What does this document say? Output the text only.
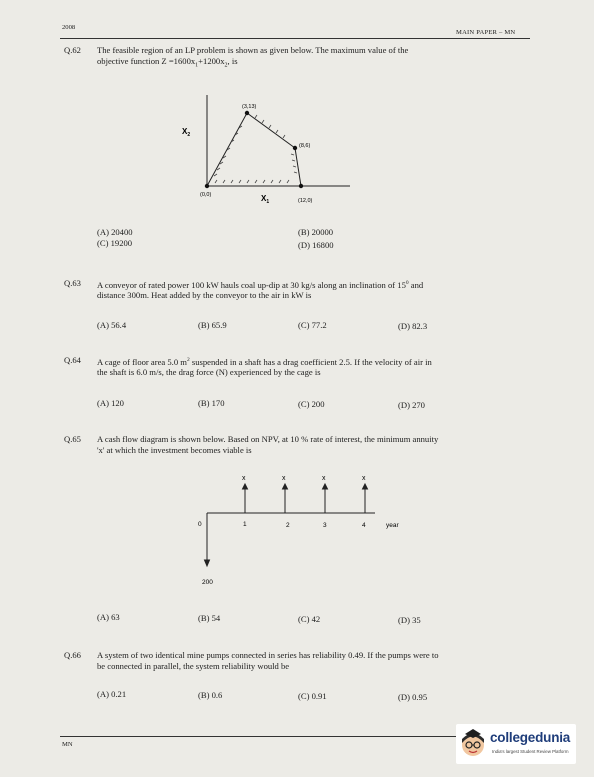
2008
MAIN PAPER – MN
Q.62 The feasible region of an LP problem is shown as given below. The maximum value of the
objective function $Z =1600x_1+1200x_2$, is
(3,13)
(8,6)
(0,0)
(12,0)
$X_2$
$X_1$
(A) 20400	(B) 20000
(C) 19200	(D) 16800
Q.63 A conveyor of rated power 100 kW hauls coal up-dip at 30 kg/s along an inclination of $15^0$ and
distance 300m. Heat added by the conveyor to the air in kW is
(A) 56.4	(B) 65.9	(C) 77.2	(D) 82.3
Q.64 A cage of floor area 5.0 $m^2$ suspended in a shaft has a drag coefficient 2.5. If the velocity of air in
the shaft is 6.0 m/s, the drag force (N) experienced by the cage is
(A) 120	(B) 170	(C) 200	(D) 270
Q.65 A cash flow diagram is shown below. Based on NPV, at 10 % rate of interest, the minimum annuity
'x' at which the investment becomes viable is
x	x	x	x
0	1	2	3	4	year
200
(A) 63	(B) 54	(C) 42	(D) 35
Q.66 A system of two identical mine pumps connected in series has reliability 0.49. If the pumps were to
be connected in parallel, the system reliability would be
(A) 0.21	(B) 0.6	(C) 0.91	(D) 0.95
MN	collegedunia
India's largest Student Review Platform
